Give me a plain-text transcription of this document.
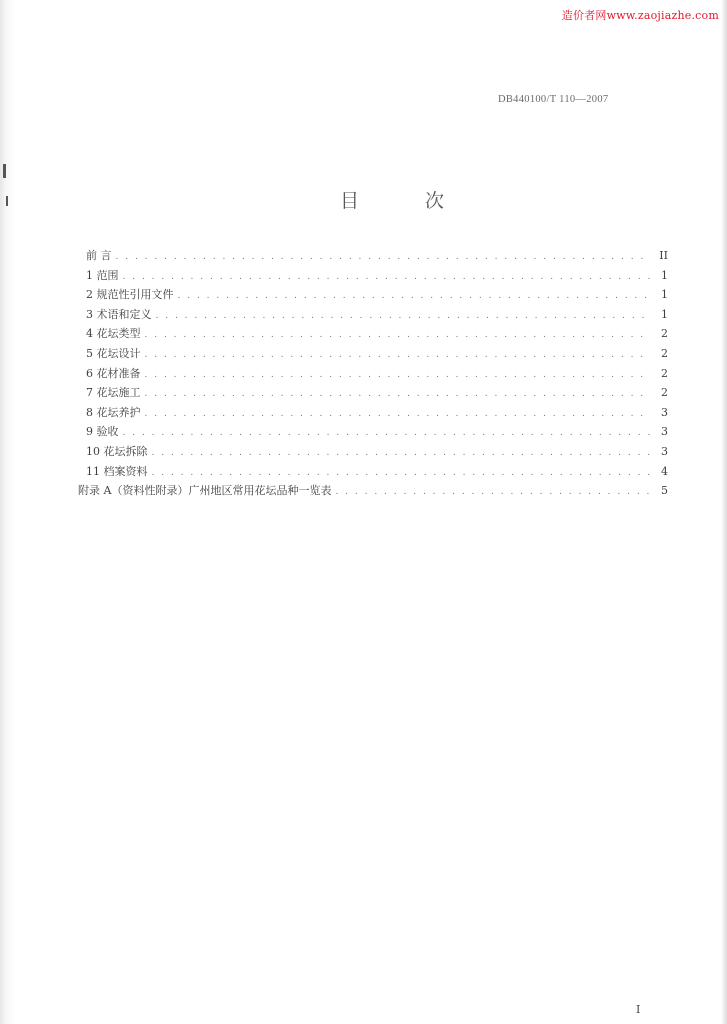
造价者网www.zaojiazhe.com
DB440100/T 110—2007
目 次
前 言 . . .	II
1 范围 . . .	1
2 规范性引用文件 . . .	1
3 术语和定义 . . .	1
4 花坛类型 . . .	2
5 花坛设计 . . .	2
6 花材准备 . . .	2
7 花坛施工 . . .	2
8 花坛养护 . . .	3
9 验收 . . .	3
10 花坛拆除 . . .	3
11 档案资料 . . .	4
附录 A（资料性附录）广州地区常用花坛品种一览表 . . .	5
I
